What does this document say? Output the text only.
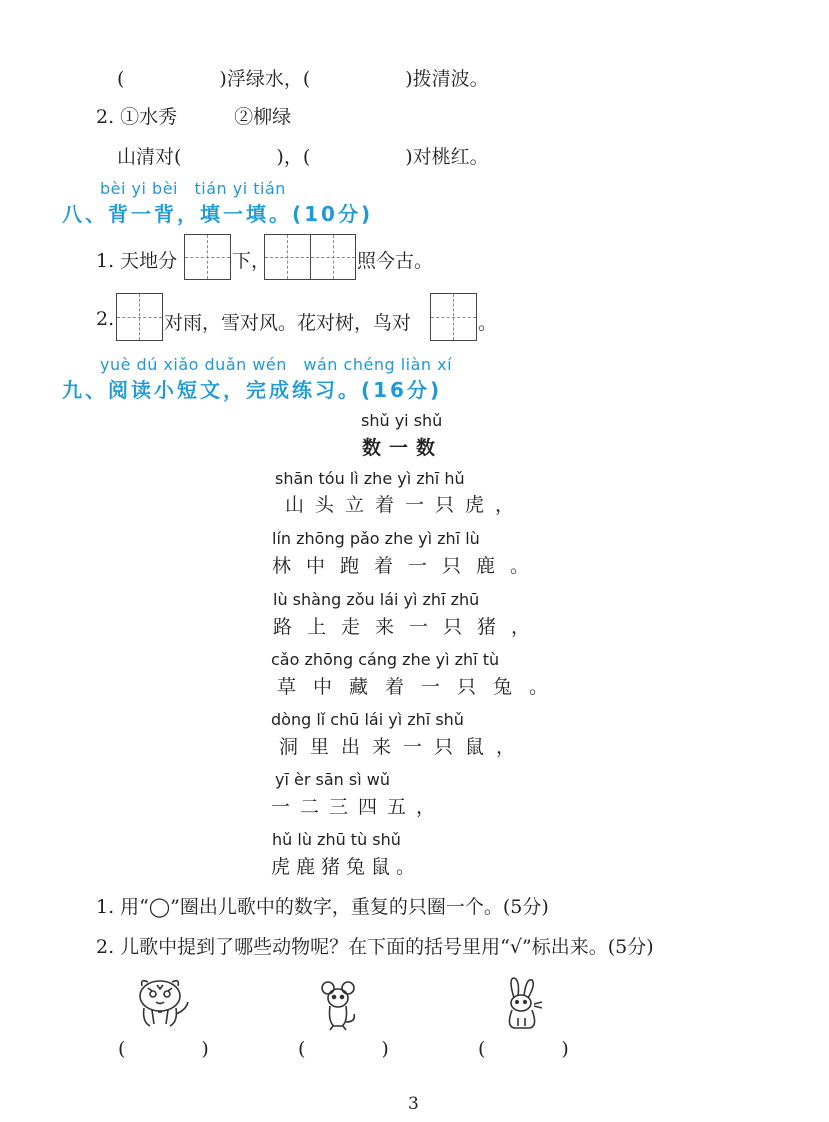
(　　　　　)浮绿水，(　　　　　)拨清波。
2. ①水秀　　　②柳绿
山清对(　　　　　)，(　　　　　)对桃红。
bèi yi bèi　tián yi tián
八、背一背，填一填。(10分)
1. 天地分	下，	照今古。
2.	对雨，雪对风。花对树，鸟对	。
yuè dú xiǎo duǎn wén　wán chéng liàn xí
九、阅读小短文，完成练习。(16分)
shǔ yi shǔ
数一数
shān tóu lì zhe yì zhī hǔ
山头立着一只虎，
lín zhōng pǎo zhe yì zhī lù
林中跑着一只鹿。
lù shàng zǒu lái yì zhī zhū
路上走来一只猪，
cǎo zhōng cáng zhe yì zhī tù
草中藏着一只兔。
dòng lǐ chū lái yì zhī shǔ
洞里出来一只鼠，
yī èr sān sì wǔ
一二三四五，
hǔ lù zhū tù shǔ
虎鹿猪兔鼠。
1. 用“◯”圈出儿歌中的数字，重复的只圈一个。(5分)
2. 儿歌中提到了哪些动物呢？在下面的括号里用“√”标出来。(5分)
(　　　　)	(　　　　)	(　　　　)
3
